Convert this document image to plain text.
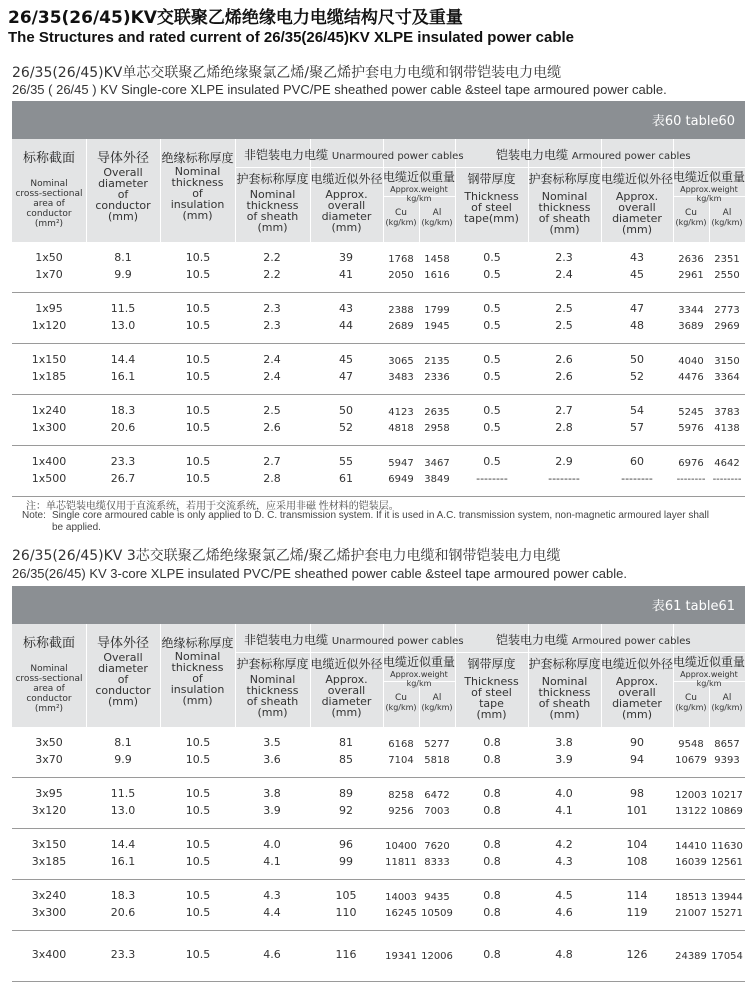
26/35(26/45)KV交联聚乙烯绝缘电力电缆结构尺寸及重量
The Structures and rated current of 26/35(26/45)KV XLPE insulated power cable
26/35(26/45)KV单芯交联聚乙烯绝缘聚氯乙烯/聚乙烯护套电力电缆和钢带铠装电力电缆
26/35 ( 26/45 ) KV Single-core XLPE insulated PVC/PE sheathed power cable &steel tape armoured power cable.
表60 table60
标称截面
Nominal
cross-sectional
area of
conductor (mm²)
导体外径
Overall
diameter
of
conductor
(mm)
绝缘标称厚度
Nominal
thickness
of
insulation
(mm)
非铠装电力电缆 Unarmoured power cables	铠装电力电缆 Armoured power cables
护套标称厚度
Nominal
thickness
of sheath
(mm)
电缆近似外径
Approx.
overall
diameter
(mm)
电缆近似重量
Approx.weight kg/km
Cu
(kg/km)
Al
(kg/km)
钢带厚度
Thickness
of steel
tape(mm)
护套标称厚度
Nominal
thickness
of sheath
(mm)
电缆近似外径
Approx.
overall
diameter
(mm)
电缆近似重量
Approx.weight kg/km
Cu
(kg/km)
Al
(kg/km)
1x50	8.1	10.5	2.2	39	1768	1458	0.5	2.3	43	2636	2351
1x70	9.9	10.5	2.2	41	2050	1616	0.5	2.4	45	2961	2550
1x95	11.5	10.5	2.3	43	2388	1799	0.5	2.5	47	3344	2773
1x120	13.0	10.5	2.3	44	2689	1945	0.5	2.5	48	3689	2969
1x150	14.4	10.5	2.4	45	3065	2135	0.5	2.6	50	4040	3150
1x185	16.1	10.5	2.4	47	3483	2336	0.5	2.6	52	4476	3364
1x240	18.3	10.5	2.5	50	4123	2635	0.5	2.7	54	5245	3783
1x300	20.6	10.5	2.6	52	4818	2958	0.5	2.8	57	5976	4138
1x400	23.3	10.5	2.7	55	5947	3467	0.5	2.9	60	6976	4642
1x500	26.7	10.5	2.8	61	6949	3849	--------	--------	--------	-------- --------
注：单芯铠装电缆仅用于直流系统，若用于交流系统，应采用非磁 性材料的铠装层。
Note: Single core armoured cable is only applied to D. C. transmission system. If it is used in A.C. transmission system, non-magnetic armoured layer shall
be applied.
26/35(26/45)KV 3芯交联聚乙烯绝缘聚氯乙烯/聚乙烯护套电力电缆和钢带铠装电力电缆
26/35(26/45) KV 3-core XLPE insulated PVC/PE sheathed power cable &steel tape armoured power cable.
表61 table61
标称截面
Nominal
cross-sectional
area of
conductor (mm²)
导体外径
Overall
diameter
of
conductor
(mm)
绝缘标称厚度
Nominal
thickness
of
insulation
(mm)
非铠装电力电缆 Unarmoured power cables	铠装电力电缆 Armoured power cables
护套标称厚度
Nominal
thickness
of sheath
(mm)
电缆近似外径
Approx.
overall
diameter
(mm)
电缆近似重量
Approx.weight kg/km
Cu
(kg/km)
Al
(kg/km)
钢带厚度
Thickness
of steel
tape
(mm)
护套标称厚度
Nominal
thickness
of sheath
(mm)
电缆近似外径
Approx.
overall
diameter
(mm)
电缆近似重量
Approx.weight kg/km
Cu
(kg/km)
Al
(kg/km)
3x50	8.1	10.5	3.5	81	6168	5277	0.8	3.8	90	9548	8657
3x70	9.9	10.5	3.6	85	7104	5818	0.8	3.9	94	10679 9393
3x95	11.5	10.5	3.8	89	8258	6472	0.8	4.0	98	12003 10217
3x120	13.0	10.5	3.9	92	9256	7003	0.8	4.1	101	13122 10869
3x150	14.4	10.5	4.0	96	10400 7620	0.8	4.2	104	14410 11630
3x185	16.1	10.5	4.1	99	11811 8333	0.8	4.3	108	16039 12561
3x240	18.3	10.5	4.3	105	14003 9435	0.8	4.5	114	18513 13944
3x300	20.6	10.5	4.4	110	16245 10509	0.8	4.6	119	21007 15271
3x400	23.3	10.5	4.6	116	19341 12006	0.8	4.8	126	24389 17054
